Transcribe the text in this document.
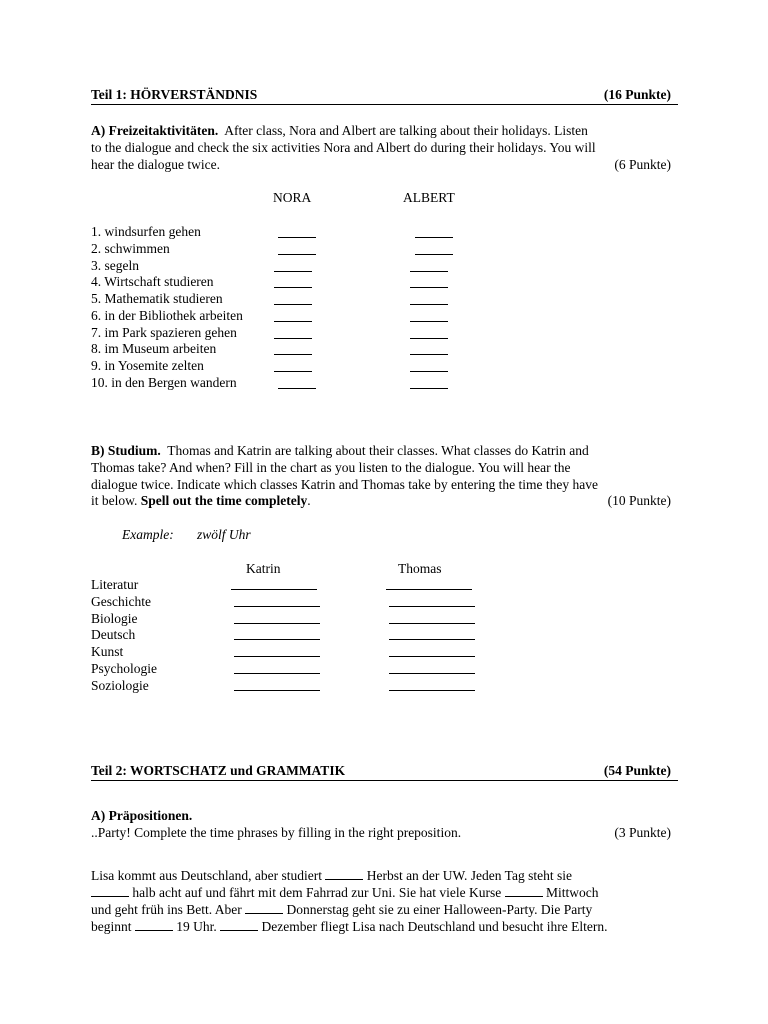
Teil 1: HÖRVERSTÄNDNIS	(16 Punkte)
A) Freizeitaktivitäten. After class, Nora and Albert are talking about their holidays. Listen
to the dialogue and check the six activities Nora and Albert do during their holidays. You will
hear the dialogue twice.	(6 Punkte)
NORA	ALBERT
1. windsurfen gehen
2. schwimmen
3. segeln
4. Wirtschaft studieren
5. Mathematik studieren
6. in der Bibliothek arbeiten
7. im Park spazieren gehen
8. im Museum arbeiten
9. in Yosemite zelten
10. in den Bergen wandern
B) Studium. Thomas and Katrin are talking about their classes. What classes do Katrin and
Thomas take? And when? Fill in the chart as you listen to the dialogue. You will hear the
dialogue twice. Indicate which classes Katrin and Thomas take by entering the time they have
it below. Spell out the time completely.	(10 Punkte)
Example: zwölf Uhr
Katrin	Thomas
Literatur
Geschichte
Biologie
Deutsch
Kunst
Psychologie
Soziologie
Teil 2: WORTSCHATZ und GRAMMATIK	(54 Punkte)
A) Präpositionen.
..Party! Complete the time phrases by filling in the right preposition.	(3 Punkte)
Lisa kommt aus Deutschland, aber studiert	Herbst an der UW. Jeden Tag steht sie
halb acht auf und fährt mit dem Fahrrad zur Uni. Sie hat viele Kurse	Mittwoch
und geht früh ins Bett. Aber	Donnerstag geht sie zu einer Halloween-Party. Die Party
beginnt	19 Uhr.	Dezember fliegt Lisa nach Deutschland und besucht ihre Eltern.
